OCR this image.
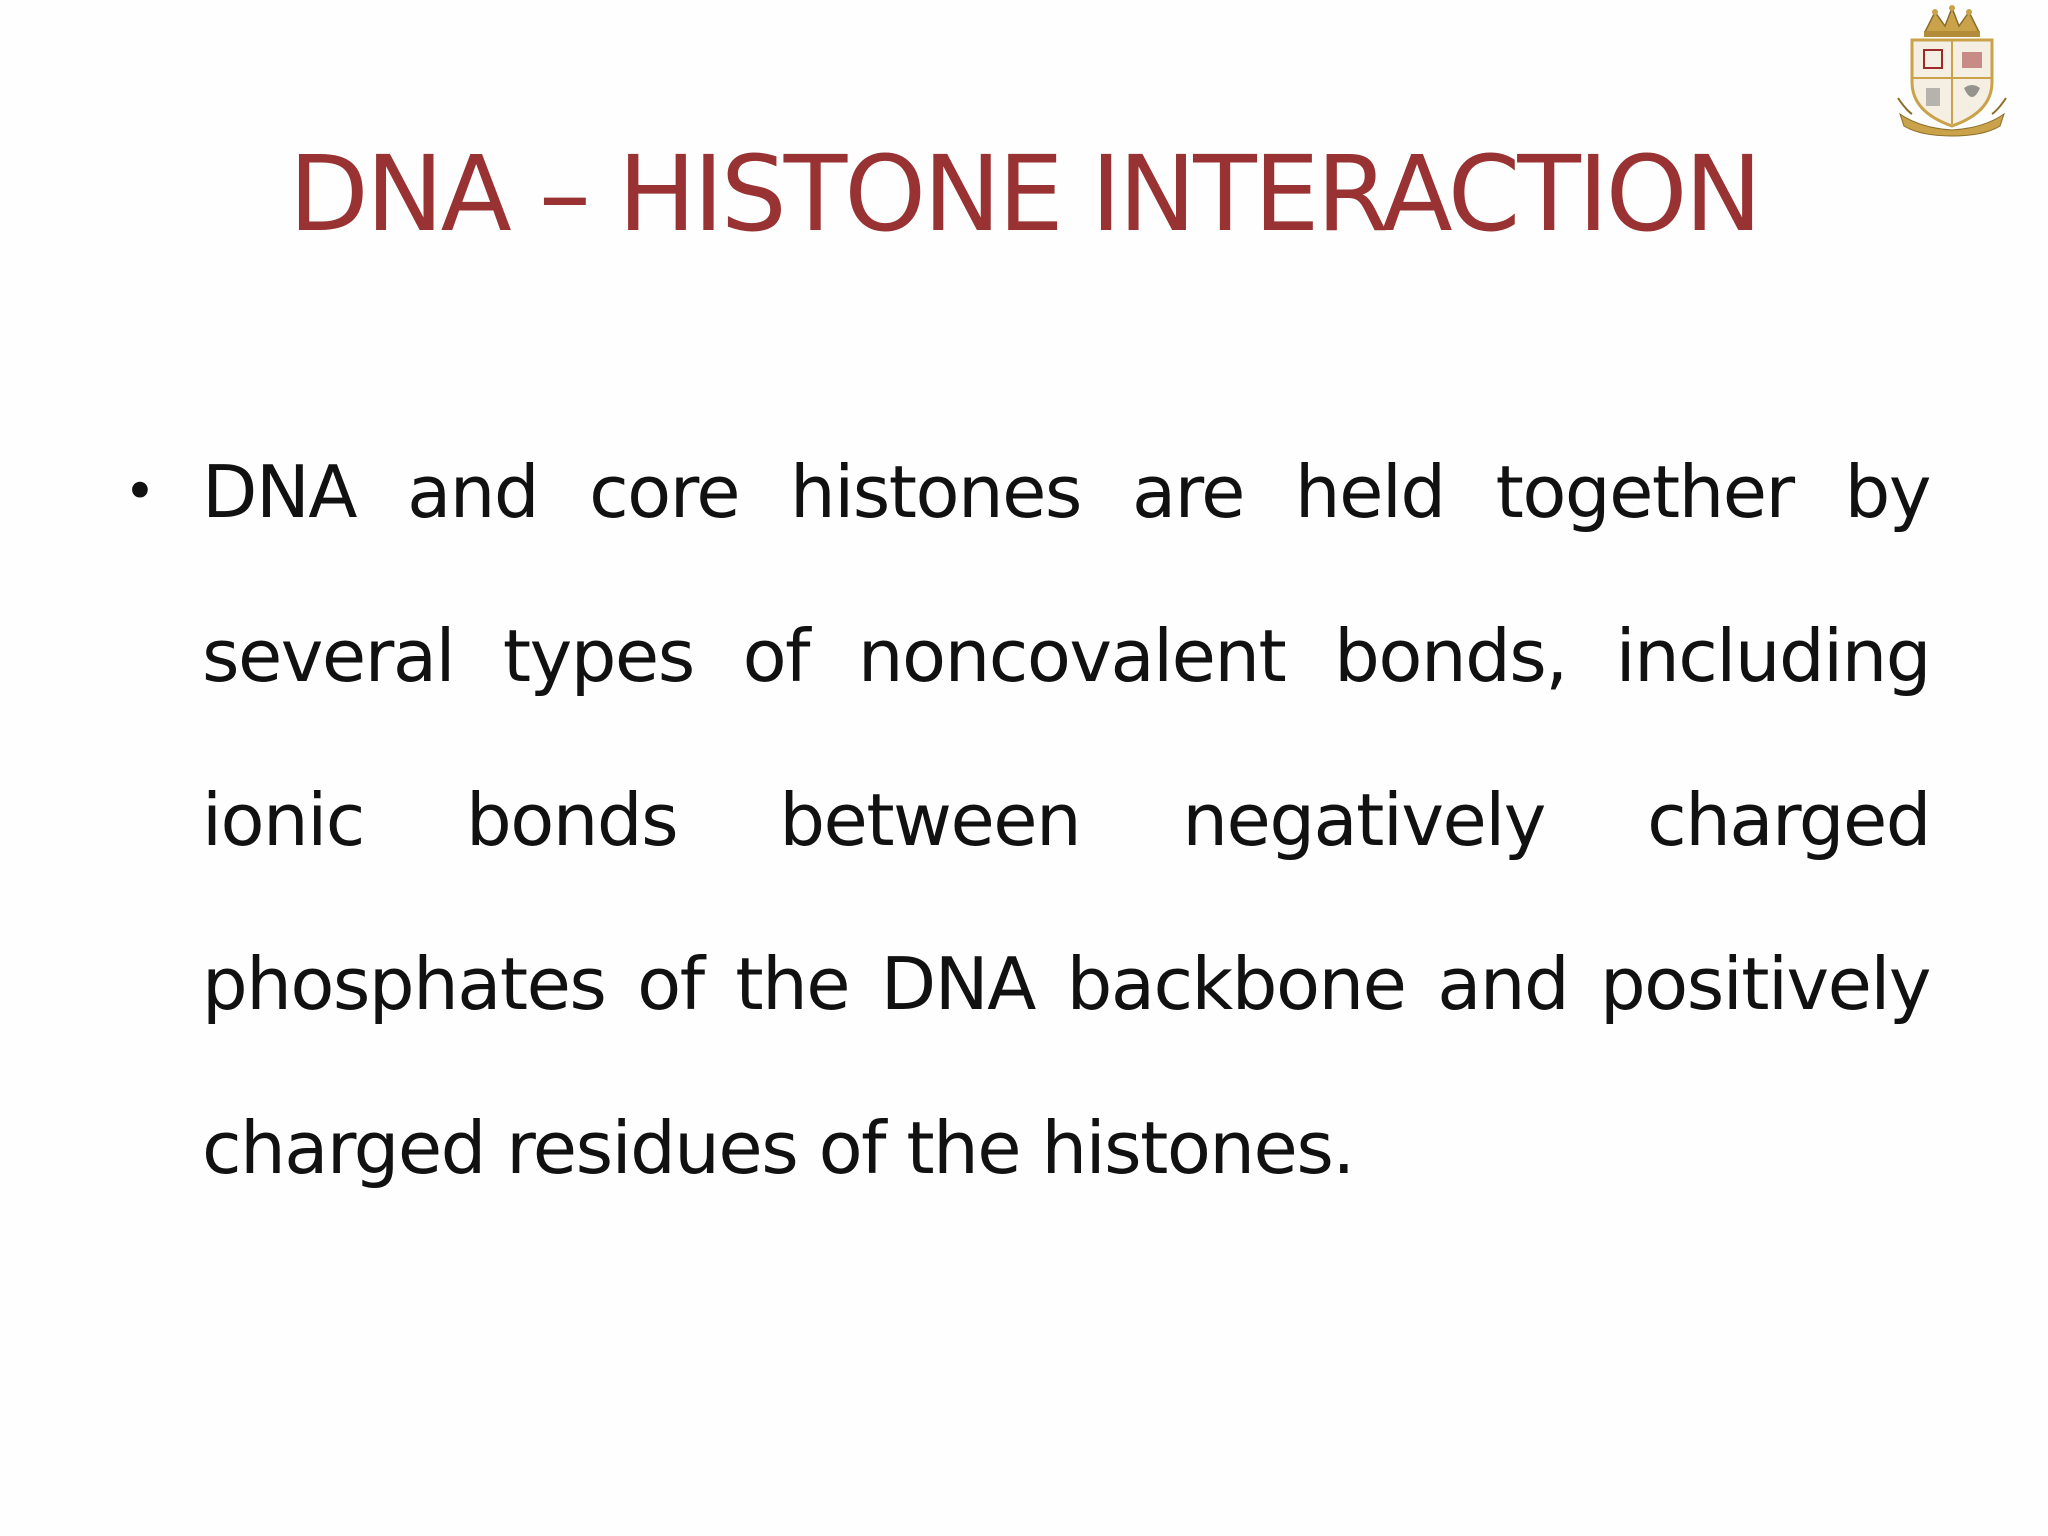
DNA – HISTONE INTERACTION
• DNA and core histones are held together by several types of noncovalent bonds, including ionic bonds between negatively charged phosphates of the DNA backbone and positively charged residues of the histones.
